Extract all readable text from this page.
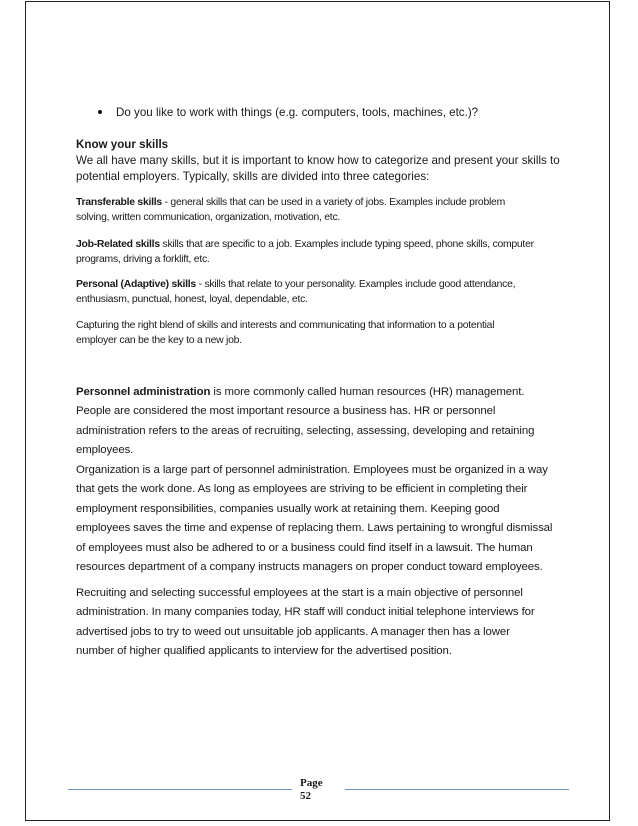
Do you like to work with things (e.g. computers, tools, machines, etc.)?
Know your skills
We all have many skills, but it is important to know how to categorize and present your skills to
potential employers. Typically, skills are divided into three categories:
Transferable skills - general skills that can be used in a variety of jobs. Examples include problem
solving, written communication, organization, motivation, etc.
Job-Related skills skills that are specific to a job. Examples include typing speed, phone skills, computer
programs, driving a forklift, etc.
Personal (Adaptive) skills - skills that relate to your personality. Examples include good attendance,
enthusiasm, punctual, honest, loyal, dependable, etc.
Capturing the right blend of skills and interests and communicating that information to a potential
employer can be the key to a new job.
Personnel administration is more commonly called human resources (HR) management.
People are considered the most important resource a business has. HR or personnel
administration refers to the areas of recruiting, selecting, assessing, developing and retaining
employees.
Organization is a large part of personnel administration. Employees must be organized in a way
that gets the work done. As long as employees are striving to be efficient in completing their
employment responsibilities, companies usually work at retaining them. Keeping good
employees saves the time and expense of replacing them. Laws pertaining to wrongful dismissal
of employees must also be adhered to or a business could find itself in a lawsuit. The human
resources department of a company instructs managers on proper conduct toward employees.
Recruiting and selecting successful employees at the start is a main objective of personnel
administration. In many companies today, HR staff will conduct initial telephone interviews for
advertised jobs to try to weed out unsuitable job applicants. A manager then has a lower
number of higher qualified applicants to interview for the advertised position.
Page
52
